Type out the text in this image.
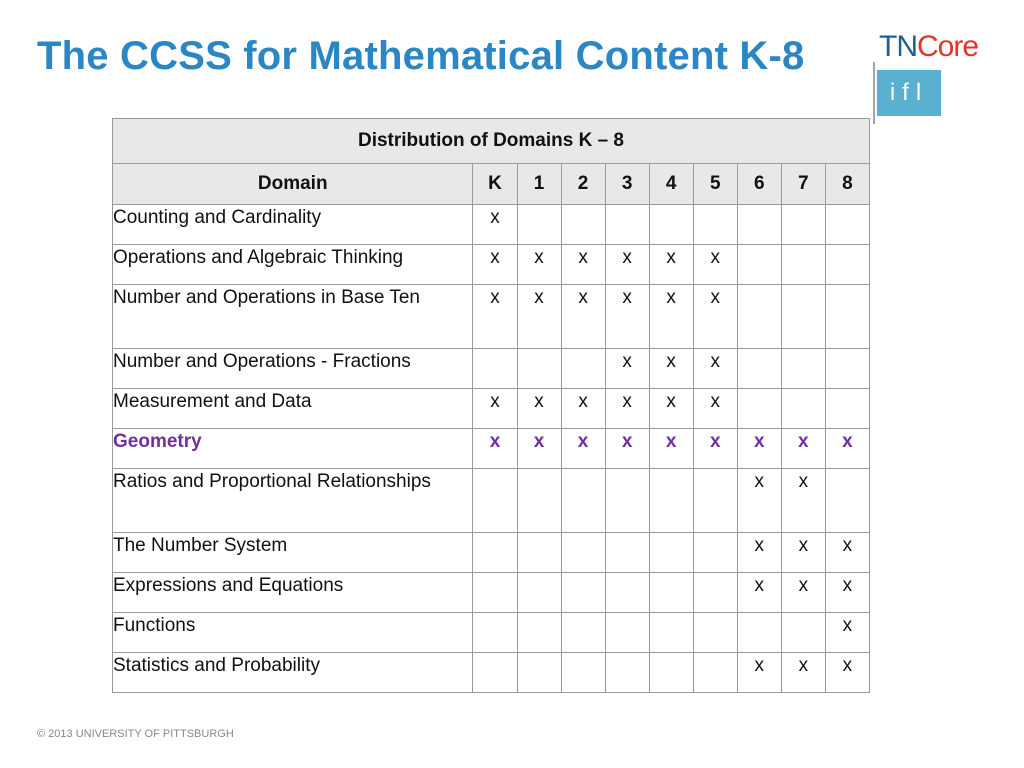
The CCSS for Mathematical Content K-8 TNCore
ifl
Distribution of Domains K – 8									
Domain	K	1	2	3	4	5	6	7	8
Counting and Cardinality	x								
Operations and Algebraic Thinking	x	x	x	x	x	x			
Number and Operations in Base Ten	x	x	x	x	x	x			
Number and Operations - Fractions				x	x	x			
Measurement and Data	x	x	x	x	x	x			
Geometry	x	x	x	x	x	x	x	x	x
Ratios and Proportional Relationships							x	x	
The Number System							x	x	x
Expressions and Equations							x	x	x
Functions									x
Statistics and Probability							x	x	x
© 2013 UNIVERSITY OF PITTSBURGH
